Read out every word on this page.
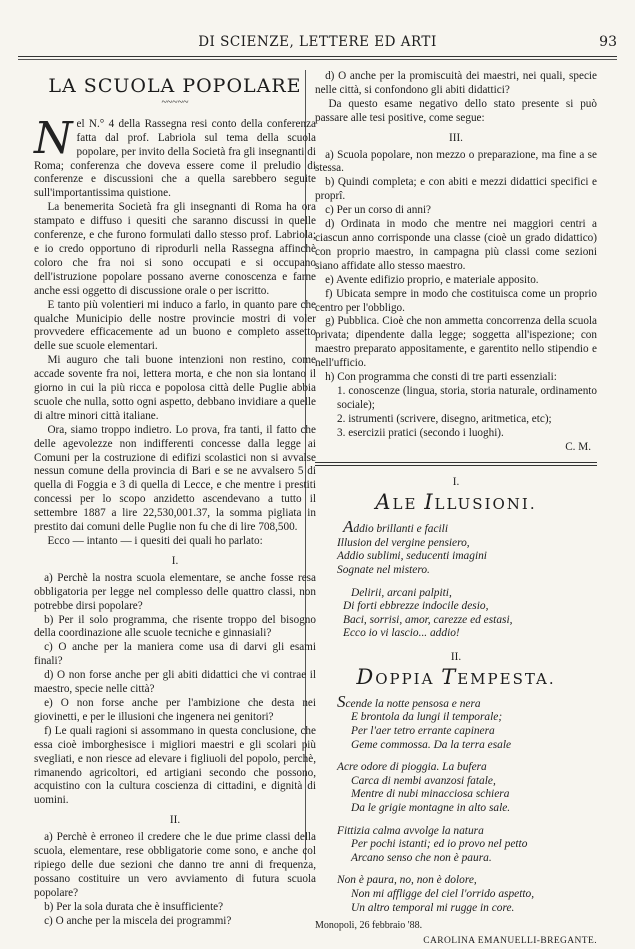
DI SCIENZE, LETTERE ED ARTI	93
LA SCUOLA POPOLARE
~~~~~

Nel N.° 4 della Rassegna resi conto della conferenza fatta dal prof. Labriola sul tema della scuola popolare, per invito della Società fra gli insegnanti di Roma; conferenza che doveva essere come il preludio di conferenze e discussioni che a quella sarebbero seguite sull'importantissima quistione.

La benemerita Società fra gli insegnanti di Roma ha ora stampato e diffuso i quesiti che saranno discussi in quelle conferenze, e che furono formulati dallo stesso prof. Labriola; e io credo opportuno di riprodurli nella Rassegna affinchè coloro che fra noi si sono occupati e si occupano dell'istruzione popolare possano averne conoscenza e farne anche essi oggetto di discussione orale o per iscritto.

E tanto più volentieri mi induco a farlo, in quanto pare che qualche Municipio delle nostre provincie mostri di voler provvedere efficacemente ad un buono e completo assetto delle sue scuole elementari.

Mi auguro che tali buone intenzioni non restino, come accade sovente fra noi, lettera morta, e che non sia lontano il giorno in cui la più ricca e popolosa città delle Puglie abbia scuole che nulla, sotto ogni aspetto, debbano invidiare a quelle di altre minori città italiane.

Ora, siamo troppo indietro. Lo prova, fra tanti, il fatto che delle agevolezze non indifferenti concesse dalla legge ai Comuni per la costruzione di edifizi scolastici non si avvalse nessun comune della provincia di Bari e se ne avvalsero 5 di quella di Foggia e 3 di quella di Lecce, e che mentre i prestiti concessi per lo scopo anzidetto ascendevano a tutto il settembre 1887 a lire 22,530,001.37, la somma pigliata in prestito dai comuni delle Puglie non fu che di lire 708,500.

Ecco — intanto — i quesiti dei quali ho parlato:

I.

a) Perchè la nostra scuola elementare, se anche fosse resa obbligatoria per legge nel complesso delle quattro classi, non potrebbe dirsi popolare?

b) Per il solo programma, che risente troppo del bisogno della coordinazione alle scuole tecniche e ginnasiali?

c) O anche per la maniera come usa di darvi gli esami finali?

d) O non forse anche per gli abiti didattici che vi contrae il maestro, specie nelle città?

e) O non forse anche per l'ambizione che desta nei giovinetti, e per le illusioni che ingenera nei genitori?

f) Le quali ragioni si assommano in questa conclusione, che essa cioè imborghesisce i migliori maestri e gli scolari più svegliati, e non riesce ad elevare i figliuoli del popolo, perchè, rimanendo agricoltori, ed artigiani secondo che possono, acquistino con la cultura coscienza di cittadini, e dignità di uomini.

II.

a) Perchè è erroneo il credere che le due prime classi della scuola, elementare, rese obbligatorie come sono, e anche col ripiego delle due sezioni che danno tre anni di frequenza, possano costituire un vero avviamento di futura scuola popolare?

b) Per la sola durata che è insufficiente?

c) O anche per la miscela dei programmi?

d) O anche per la promiscuità dei maestri, nei quali, specie nelle città, si confondono gli abiti didattici?

Da questo esame negativo dello stato presente si può passare alle tesi positive, come segue:

III.

a) Scuola popolare, non mezzo o preparazione, ma fine a se stessa.

b) Quindi completa; e con abiti e mezzi didattici specifici e proprî.

c) Per un corso di anni?

d) Ordinata in modo che mentre nei maggiori centri a ciascun anno corrisponde una classe (cioè un grado didattico) con proprio maestro, in campagna più classi come sezioni siano affidate allo stesso maestro.

e) Avente edifizio proprio, e materiale apposito.

f) Ubicata sempre in modo che costituisca come un proprio centro per l'obbligo.

g) Pubblica. Cioè che non ammetta concorrenza della scuola privata; dipendente dalla legge; soggetta all'ispezione; con maestro preparato appositamente, e garentito nello stipendio e nell'ufficio.

h) Con programma che consti di tre parti essenziali:

1. conoscenze (lingua, storia, storia naturale, ordinamento sociale);

2. istrumenti (scrivere, disegno, aritmetica, etc);

3. esercizii pratici (secondo i luoghi).

C. M.

I.
ALE ILLUSIONI.
Addio brillanti e facili
Illusion del vergine pensiero,
Addio sublimi, seducenti imagini
Sognate nel mistero.
Delirii, arcani palpiti,
Di forti ebbrezze indocile desio,
Baci, sorrisi, amor, carezze ed estasi,
Ecco io vi lascio... addio!
II.
DOPPIA TEMPESTA.
Scende la notte pensosa e nera
E brontola da lungi il temporale;
Per l'aer tetro errante capinera
Geme commossa. Da la terra esale
Acre odore di pioggia. La bufera
Carca di nembi avanzosi fatale,
Mentre di nubi minacciosa schiera
Da le grigie montagne in alto sale.
Fittizia calma avvolge la natura
Per pochi istanti; ed io provo nel petto
Arcano senso che non è paura.
Non è paura, no, non è dolore,
Non mi affligge del ciel l'orrido aspetto,
Un altro temporal mi rugge in core.
Monopoli, 26 febbraio '88.
CAROLINA EMANUELLI-BREGANTE.
